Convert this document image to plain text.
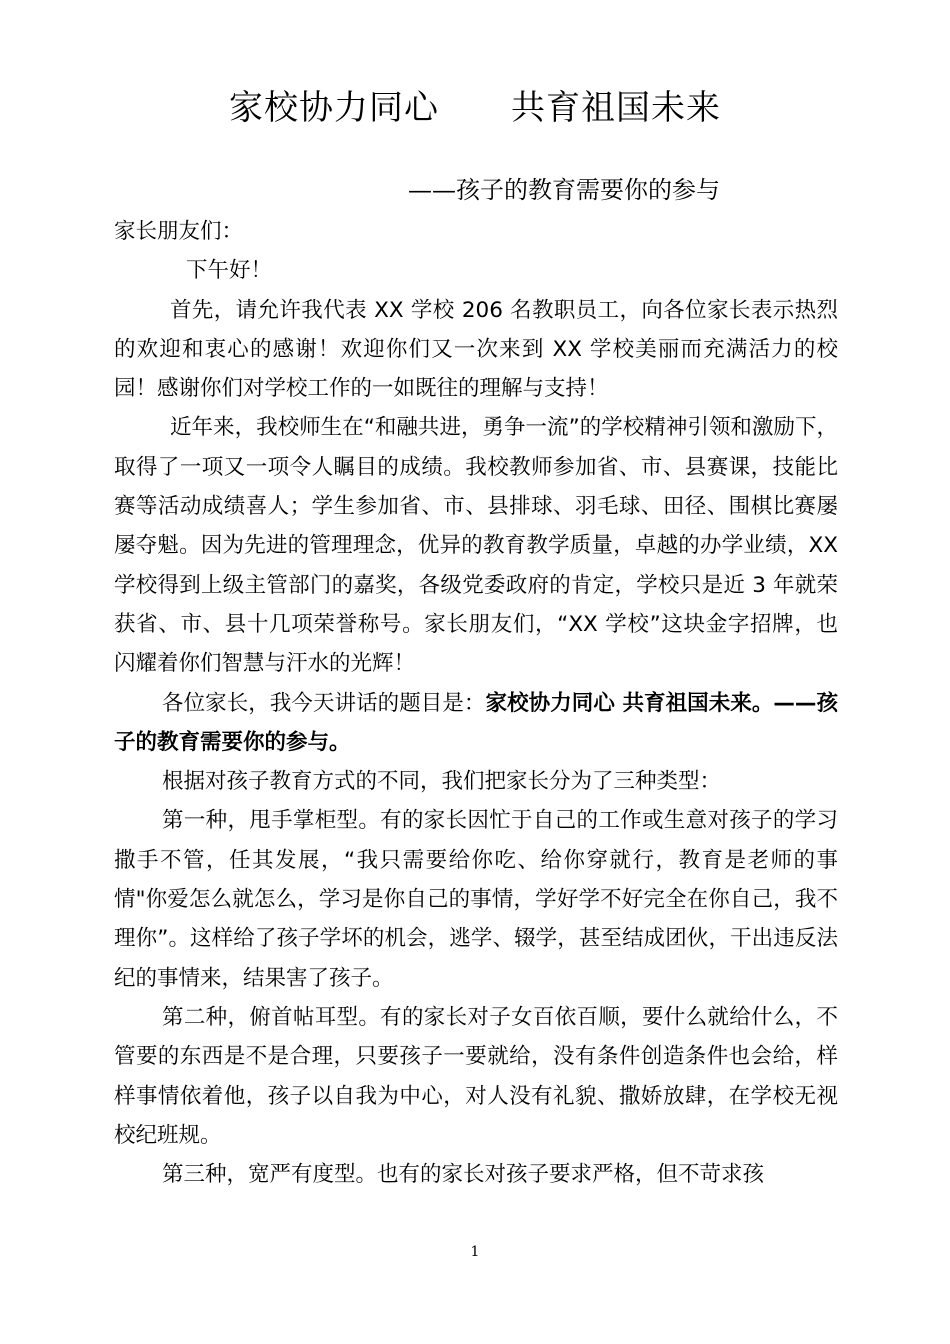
家校协力同心 共育祖国未来
——孩子的教育需要你的参与

家长朋友们：

下午好！

首先，请允许我代表 XX 学校 206 名教职员工，向各位家长表示热烈的欢迎和衷心的感谢！欢迎你们又一次来到 XX 学校美丽而充满活力的校园！感谢你们对学校工作的一如既往的理解与支持！

近年来，我校师生在“和融共进，勇争一流”的学校精神引领和激励下，取得了一项又一项令人瞩目的成绩。我校教师参加省、市、县赛课，技能比赛等活动成绩喜人；学生参加省、市、县排球、羽毛球、田径、围棋比赛屡屡夺魁。因为先进的管理理念，优异的教育教学质量，卓越的办学业绩，XX 学校得到上级主管部门的嘉奖，各级党委政府的肯定，学校只是近 3 年就荣获省、市、县十几项荣誉称号。家长朋友们，“XX 学校”这块金字招牌，也闪耀着你们智慧与汗水的光辉！

各位家长，我今天讲话的题目是：家校协力同心 共育祖国未来。——孩子的教育需要你的参与。

根据对孩子教育方式的不同，我们把家长分为了三种类型：

第一种，甩手掌柜型。有的家长因忙于自己的工作或生意对孩子的学习撒手不管，任其发展，“我只需要给你吃、给你穿就行，教育是老师的事情"你爱怎么就怎么，学习是你自己的事情，学好学不好完全在你自己，我不理你”。这样给了孩子学坏的机会，逃学、辍学，甚至结成团伙，干出违反法纪的事情来，结果害了孩子。

第二种，俯首帖耳型。有的家长对子女百依百顺，要什么就给什么，不管要的东西是不是合理，只要孩子一要就给，没有条件创造条件也会给，样样事情依着他，孩子以自我为中心，对人没有礼貌、撒娇放肆，在学校无视校纪班规。

第三种，宽严有度型。也有的家长对孩子要求严格，但不苛求孩

1
